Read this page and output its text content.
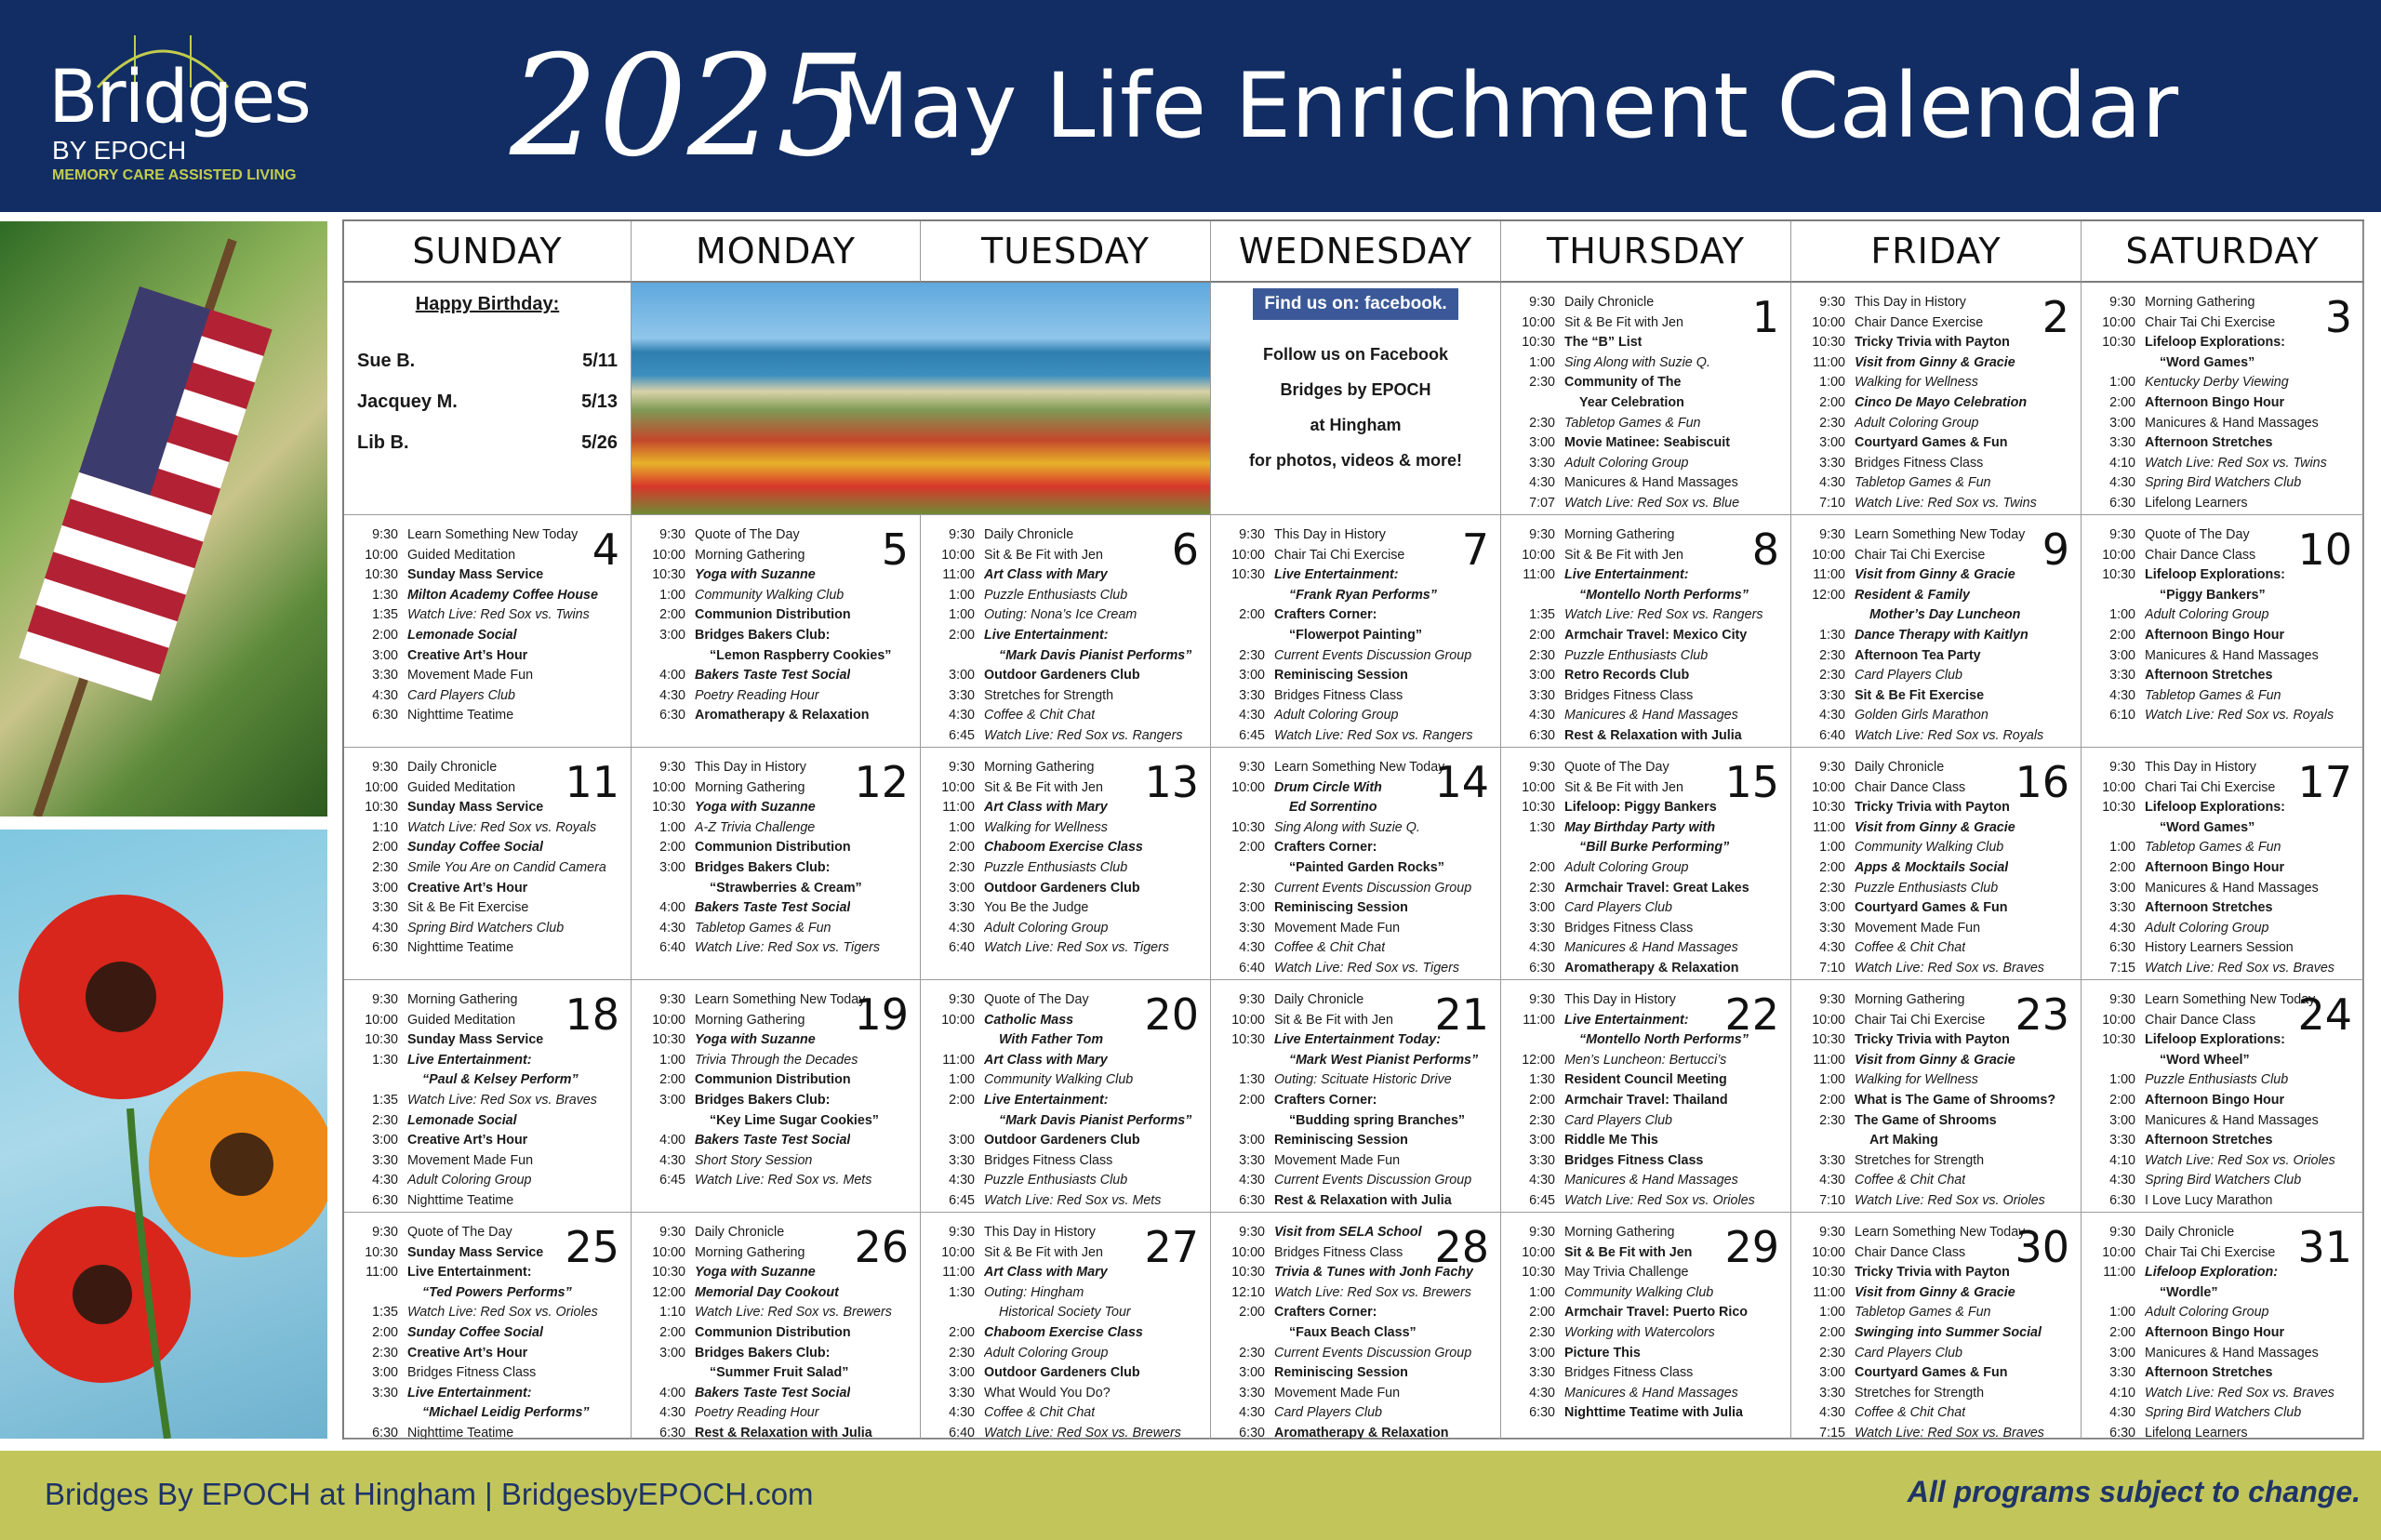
Bridges
BY EPOCH
MEMORY CARE ASSISTED LIVING 2025
May Life Enrichment Calendar
SUNDAY	MONDAY	TUESDAY	WEDNESDAY	THURSDAY	FRIDAY	SATURDAY
Happy Birthday:
Sue B.	5/11
Jacquey M.	5/13
Lib B.	5/26
Find us on: facebook.
Follow us on Facebook
Bridges by EPOCH
at Hingham
for photos, videos & more!
1
9:30 Daily Chronicle
10:00 Sit & Be Fit with Jen
10:30 The “B” List
1:00 Sing Along with Suzie Q.
2:30 Community of The
Year Celebration
2:30 Tabletop Games & Fun
3:00 Movie Matinee: Seabiscuit
3:30 Adult Coloring Group
4:30 Manicures & Hand Massages
7:07 Watch Live: Red Sox vs. Blue
2
9:30 This Day in History
10:00 Chair Dance Exercise
10:30 Tricky Trivia with Payton
11:00 Visit from Ginny & Gracie
1:00 Walking for Wellness
2:00 Cinco De Mayo Celebration
2:30 Adult Coloring Group
3:00 Courtyard Games & Fun
3:30 Bridges Fitness Class
4:30 Tabletop Games & Fun
7:10 Watch Live: Red Sox vs. Twins
3
9:30 Morning Gathering
10:00 Chair Tai Chi Exercise
10:30 Lifeloop Explorations:
“Word Games”
1:00 Kentucky Derby Viewing
2:00 Afternoon Bingo Hour
3:00 Manicures & Hand Massages
3:30 Afternoon Stretches
4:10 Watch Live: Red Sox vs. Twins
4:30 Spring Bird Watchers Club
6:30 Lifelong Learners
4
9:30 Learn Something New Today
10:00 Guided Meditation
10:30 Sunday Mass Service
1:30 Milton Academy Coffee House
1:35 Watch Live: Red Sox vs. Twins
2:00 Lemonade Social
3:00 Creative Art’s Hour
3:30 Movement Made Fun
4:30 Card Players Club
6:30 Nighttime Teatime
5
9:30 Quote of The Day
10:00 Morning Gathering
10:30 Yoga with Suzanne
1:00 Community Walking Club
2:00 Communion Distribution
3:00 Bridges Bakers Club:
“Lemon Raspberry Cookies”
4:00 Bakers Taste Test Social
4:30 Poetry Reading Hour
6:30 Aromatherapy & Relaxation
6
9:30 Daily Chronicle
10:00 Sit & Be Fit with Jen
11:00 Art Class with Mary
1:00 Puzzle Enthusiasts Club
1:00 Outing: Nona’s Ice Cream
2:00 Live Entertainment:
“Mark Davis Pianist Performs”
3:00 Outdoor Gardeners Club
3:30 Stretches for Strength
4:30 Coffee & Chit Chat
6:45 Watch Live: Red Sox vs. Rangers
7
9:30 This Day in History
10:00 Chair Tai Chi Exercise
10:30 Live Entertainment:
“Frank Ryan Performs”
2:00 Crafters Corner:
“Flowerpot Painting”
2:30 Current Events Discussion Group
3:00 Reminiscing Session
3:30 Bridges Fitness Class
4:30 Adult Coloring Group
6:45 Watch Live: Red Sox vs. Rangers
8
9:30 Morning Gathering
10:00 Sit & Be Fit with Jen
11:00 Live Entertainment:
“Montello North Performs”
1:35 Watch Live: Red Sox vs. Rangers
2:00 Armchair Travel: Mexico City
2:30 Puzzle Enthusiasts Club
3:00 Retro Records Club
3:30 Bridges Fitness Class
4:30 Manicures & Hand Massages
6:30 Rest & Relaxation with Julia
9
9:30 Learn Something New Today
10:00 Chair Tai Chi Exercise
11:00 Visit from Ginny & Gracie
12:00 Resident & Family
Mother’s Day Luncheon
1:30 Dance Therapy with Kaitlyn
2:30 Afternoon Tea Party
2:30 Card Players Club
3:30 Sit & Be Fit Exercise
4:30 Golden Girls Marathon
6:40 Watch Live: Red Sox vs. Royals
10
9:30 Quote of The Day
10:00 Chair Dance Class
10:30 Lifeloop Explorations:
“Piggy Bankers”
1:00 Adult Coloring Group
2:00 Afternoon Bingo Hour
3:00 Manicures & Hand Massages
3:30 Afternoon Stretches
4:30 Tabletop Games & Fun
6:10 Watch Live: Red Sox vs. Royals
11
9:30 Daily Chronicle
10:00 Guided Meditation
10:30 Sunday Mass Service
1:10 Watch Live: Red Sox vs. Royals
2:00 Sunday Coffee Social
2:30 Smile You Are on Candid Camera
3:00 Creative Art’s Hour
3:30 Sit & Be Fit Exercise
4:30 Spring Bird Watchers Club
6:30 Nighttime Teatime
12
9:30 This Day in History
10:00 Morning Gathering
10:30 Yoga with Suzanne
1:00 A-Z Trivia Challenge
2:00 Communion Distribution
3:00 Bridges Bakers Club:
“Strawberries & Cream”
4:00 Bakers Taste Test Social
4:30 Tabletop Games & Fun
6:40 Watch Live: Red Sox vs. Tigers
13
9:30 Morning Gathering
10:00 Sit & Be Fit with Jen
11:00 Art Class with Mary
1:00 Walking for Wellness
2:00 Chaboom Exercise Class
2:30 Puzzle Enthusiasts Club
3:00 Outdoor Gardeners Club
3:30 You Be the Judge
4:30 Adult Coloring Group
6:40 Watch Live: Red Sox vs. Tigers
14
9:30 Learn Something New Today
10:00 Drum Circle With
Ed Sorrentino
10:30 Sing Along with Suzie Q.
2:00 Crafters Corner:
“Painted Garden Rocks”
2:30 Current Events Discussion Group
3:00 Reminiscing Session
3:30 Movement Made Fun
4:30 Coffee & Chit Chat
6:40 Watch Live: Red Sox vs. Tigers
15
9:30 Quote of The Day
10:00 Sit & Be Fit with Jen
10:30 Lifeloop: Piggy Bankers
1:30 May Birthday Party with
“Bill Burke Performing”
2:00 Adult Coloring Group
2:30 Armchair Travel: Great Lakes
3:00 Card Players Club
3:30 Bridges Fitness Class
4:30 Manicures & Hand Massages
6:30 Aromatherapy & Relaxation
16
9:30 Daily Chronicle
10:00 Chair Dance Class
10:30 Tricky Trivia with Payton
11:00 Visit from Ginny & Gracie
1:00 Community Walking Club
2:00 Apps & Mocktails Social
2:30 Puzzle Enthusiasts Club
3:00 Courtyard Games & Fun
3:30 Movement Made Fun
4:30 Coffee & Chit Chat
7:10 Watch Live: Red Sox vs. Braves
17
9:30 This Day in History
10:00 Chari Tai Chi Exercise
10:30 Lifeloop Explorations:
“Word Games”
1:00 Tabletop Games & Fun
2:00 Afternoon Bingo Hour
3:00 Manicures & Hand Massages
3:30 Afternoon Stretches
4:30 Adult Coloring Group
6:30 History Learners Session
7:15 Watch Live: Red Sox vs. Braves
18
9:30 Morning Gathering
10:00 Guided Meditation
10:30 Sunday Mass Service
1:30 Live Entertainment:
“Paul & Kelsey Perform”
1:35 Watch Live: Red Sox vs. Braves
2:30 Lemonade Social
3:00 Creative Art’s Hour
3:30 Movement Made Fun
4:30 Adult Coloring Group
6:30 Nighttime Teatime
19
9:30 Learn Something New Today
10:00 Morning Gathering
10:30 Yoga with Suzanne
1:00 Trivia Through the Decades
2:00 Communion Distribution
3:00 Bridges Bakers Club:
“Key Lime Sugar Cookies”
4:00 Bakers Taste Test Social
4:30 Short Story Session
6:45 Watch Live: Red Sox vs. Mets
20
9:30 Quote of The Day
10:00 Catholic Mass
With Father Tom
11:00 Art Class with Mary
1:00 Community Walking Club
2:00 Live Entertainment:
“Mark Davis Pianist Performs”
3:00 Outdoor Gardeners Club
3:30 Bridges Fitness Class
4:30 Puzzle Enthusiasts Club
6:45 Watch Live: Red Sox vs. Mets
21
9:30 Daily Chronicle
10:00 Sit & Be Fit with Jen
10:30 Live Entertainment Today:
“Mark West Pianist Performs”
1:30 Outing: Scituate Historic Drive
2:00 Crafters Corner:
“Budding spring Branches”
3:00 Reminiscing Session
3:30 Movement Made Fun
4:30 Current Events Discussion Group
6:30 Rest & Relaxation with Julia
22
9:30 This Day in History
11:00 Live Entertainment:
“Montello North Performs”
12:00 Men’s Luncheon: Bertucci’s
1:30 Resident Council Meeting
2:00 Armchair Travel: Thailand
2:30 Card Players Club
3:00 Riddle Me This
3:30 Bridges Fitness Class
4:30 Manicures & Hand Massages
6:45 Watch Live: Red Sox vs. Orioles
23
9:30 Morning Gathering
10:00 Chair Tai Chi Exercise
10:30 Tricky Trivia with Payton
11:00 Visit from Ginny & Gracie
1:00 Walking for Wellness
2:00 What is The Game of Shrooms?
2:30 The Game of Shrooms
Art Making
3:30 Stretches for Strength
4:30 Coffee & Chit Chat
7:10 Watch Live: Red Sox vs. Orioles
24
9:30 Learn Something New Today
10:00 Chair Dance Class
10:30 Lifeloop Explorations:
“Word Wheel”
1:00 Puzzle Enthusiasts Club
2:00 Afternoon Bingo Hour
3:00 Manicures & Hand Massages
3:30 Afternoon Stretches
4:10 Watch Live: Red Sox vs. Orioles
4:30 Spring Bird Watchers Club
6:30 I Love Lucy Marathon
25
9:30 Quote of The Day
10:30 Sunday Mass Service
11:00 Live Entertainment:
“Ted Powers Performs”
1:35 Watch Live: Red Sox vs. Orioles
2:00 Sunday Coffee Social
2:30 Creative Art’s Hour
3:00 Bridges Fitness Class
3:30 Live Entertainment:
“Michael Leidig Performs”
6:30 Nighttime Teatime
26
9:30 Daily Chronicle
10:00 Morning Gathering
10:30 Yoga with Suzanne
12:00 Memorial Day Cookout
1:10 Watch Live: Red Sox vs. Brewers
2:00 Communion Distribution
3:00 Bridges Bakers Club:
“Summer Fruit Salad”
4:00 Bakers Taste Test Social
4:30 Poetry Reading Hour
6:30 Rest & Relaxation with Julia
27
9:30 This Day in History
10:00 Sit & Be Fit with Jen
11:00 Art Class with Mary
1:30 Outing: Hingham
Historical Society Tour
2:00 Chaboom Exercise Class
2:30 Adult Coloring Group
3:00 Outdoor Gardeners Club
3:30 What Would You Do?
4:30 Coffee & Chit Chat
6:40 Watch Live: Red Sox vs. Brewers
28
9:30 Visit from SELA School
10:00 Bridges Fitness Class
10:30 Trivia & Tunes with Jonh Fachy
12:10 Watch Live: Red Sox vs. Brewers
2:00 Crafters Corner:
“Faux Beach Class”
2:30 Current Events Discussion Group
3:00 Reminiscing Session
3:30 Movement Made Fun
4:30 Card Players Club
6:30 Aromatherapy & Relaxation
29
9:30 Morning Gathering
10:00 Sit & Be Fit with Jen
10:30 May Trivia Challenge
1:00 Community Walking Club
2:00 Armchair Travel: Puerto Rico
2:30 Working with Watercolors
3:00 Picture This
3:30 Bridges Fitness Class
4:30 Manicures & Hand Massages
6:30 Nighttime Teatime with Julia
30
9:30 Learn Something New Today
10:00 Chair Dance Class
10:30 Tricky Trivia with Payton
11:00 Visit from Ginny & Gracie
1:00 Tabletop Games & Fun
2:00 Swinging into Summer Social
2:30 Card Players Club
3:00 Courtyard Games & Fun
3:30 Stretches for Strength
4:30 Coffee & Chit Chat
7:15 Watch Live: Red Sox vs. Braves
31
9:30 Daily Chronicle
10:00 Chair Tai Chi Exercise
11:00 Lifeloop Exploration:
“Wordle”
1:00 Adult Coloring Group
2:00 Afternoon Bingo Hour
3:00 Manicures & Hand Massages
3:30 Afternoon Stretches
4:10 Watch Live: Red Sox vs. Braves
4:30 Spring Bird Watchers Club
6:30 Lifelong Learners
Bridges By EPOCH at Hingham | BridgesbyEPOCH.com	All programs subject to change.
